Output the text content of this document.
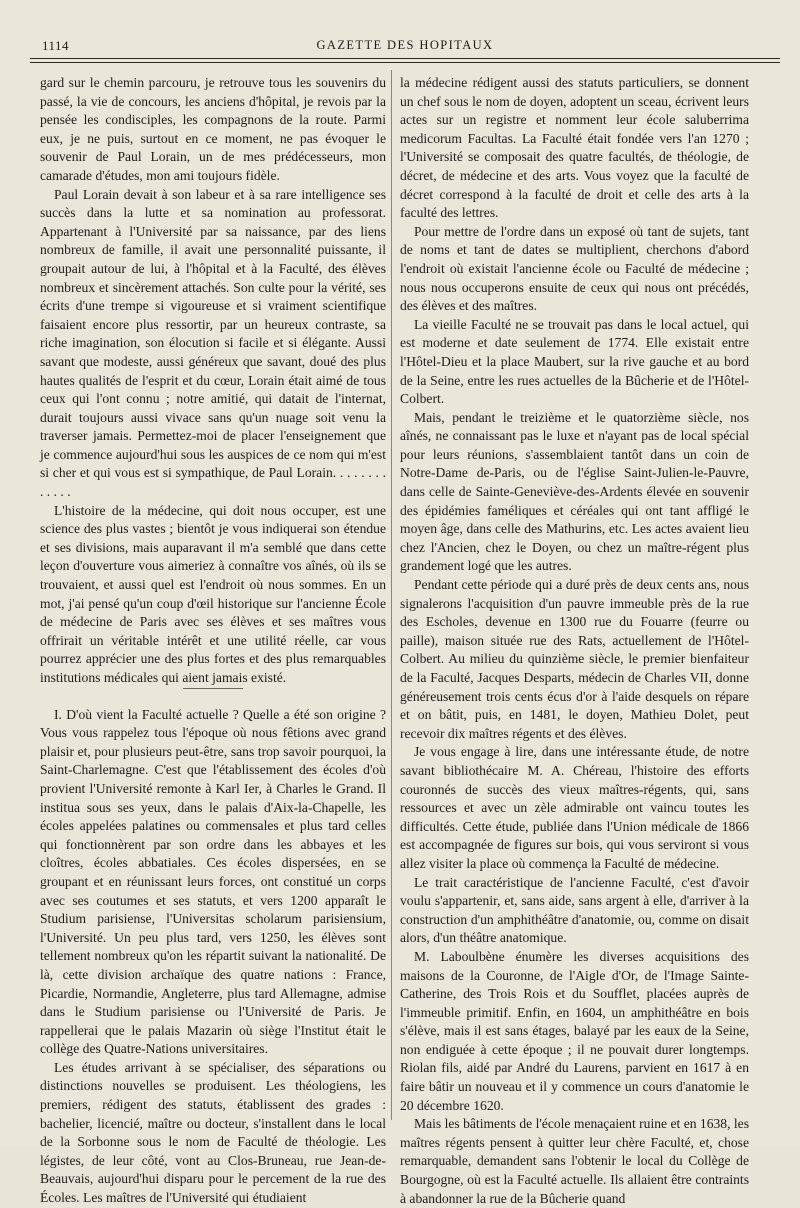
1114	GAZETTE DES HOPITAUX

gard sur le chemin parcouru, je retrouve tous les souvenirs du passé, la vie de concours, les anciens d'hôpital, je revois par la pensée les condisciples, les compagnons de la route. Parmi eux, je ne puis, surtout en ce moment, ne pas évoquer le souvenir de Paul Lorain, un de mes prédécesseurs, mon camarade d'études, mon ami toujours fidèle.

Paul Lorain devait à son labeur et à sa rare intelligence ses succès dans la lutte et sa nomination au professorat. Appartenant à l'Université par sa naissance, par des liens nombreux de famille, il avait une personnalité puissante, il groupait autour de lui, à l'hôpital et à la Faculté, des élèves nombreux et sincèrement attachés. Son culte pour la vérité, ses écrits d'une trempe si vigoureuse et si vraiment scientifique faisaient encore plus ressortir, par un heureux contraste, sa riche imagination, son élocution si facile et si élégante. Aussi savant que modeste, aussi généreux que savant, doué des plus hautes qualités de l'esprit et du cœur, Lorain était aimé de tous ceux qui l'ont connu ; notre amitié, qui datait de l'internat, durait toujours aussi vivace sans qu'un nuage soit venu la traverser jamais. Permettez-moi de placer l'enseignement que je commence aujourd'hui sous les auspices de ce nom qui m'est si cher et qui vous est si sympathique, de Paul Lorain. . . . . . . . . . . . .

L'histoire de la médecine, qui doit nous occuper, est une science des plus vastes ; bientôt je vous indiquerai son étendue et ses divisions, mais auparavant il m'a semblé que dans cette leçon d'ouverture vous aimeriez à connaître vos aînés, où ils se trouvaient, et aussi quel est l'endroit où nous sommes. En un mot, j'ai pensé qu'un coup d'œil historique sur l'ancienne École de médecine de Paris avec ses élèves et ses maîtres vous offrirait un véritable intérêt et une utilité réelle, car vous pourrez apprécier une des plus fortes et des plus remarquables institutions médicales qui aient jamais existé.

I. D'où vient la Faculté actuelle ? Quelle a été son origine ? Vous vous rappelez tous l'époque où nous fêtions avec grand plaisir et, pour plusieurs peut-être, sans trop savoir pourquoi, la Saint-Charlemagne. C'est que l'établissement des écoles d'où provient l'Université remonte à Karl Ier, à Charles le Grand. Il institua sous ses yeux, dans le palais d'Aix-la-Chapelle, les écoles appelées palatines ou commensales et plus tard celles qui fonctionnèrent par son ordre dans les abbayes et les cloîtres, écoles abbatiales. Ces écoles dispersées, en se groupant et en réunissant leurs forces, ont constitué un corps avec ses coutumes et ses statuts, et vers 1200 apparaît le Studium parisiense, l'Universitas scholarum parisiensium, l'Université. Un peu plus tard, vers 1250, les élèves sont tellement nombreux qu'on les répartit suivant la nationalité. De là, cette division archaïque des quatre nations : France, Picardie, Normandie, Angleterre, plus tard Allemagne, admise dans le Studium parisiense ou l'Université de Paris. Je rappellerai que le palais Mazarin où siège l'Institut était le collège des Quatre-Nations universitaires.

Les études arrivant à se spécialiser, des séparations ou distinctions nouvelles se produisent. Les théologiens, les premiers, rédigent des statuts, établissent des grades : bachelier, licencié, maître ou docteur, s'installent dans le local de la Sorbonne sous le nom de Faculté de théologie. Les légistes, de leur côté, vont au Clos-Bruneau, rue Jean-de-Beauvais, aujourd'hui disparu pour le percement de la rue des Écoles. Les maîtres de l'Université qui étudiaient

la médecine rédigent aussi des statuts particuliers, se donnent un chef sous le nom de doyen, adoptent un sceau, écrivent leurs actes sur un registre et nomment leur école saluberrima medicorum Facultas. La Faculté était fondée vers l'an 1270 ; l'Université se composait des quatre facultés, de théologie, de décret, de médecine et des arts. Vous voyez que la faculté de décret correspond à la faculté de droit et celle des arts à la faculté des lettres.

Pour mettre de l'ordre dans un exposé où tant de sujets, tant de noms et tant de dates se multiplient, cherchons d'abord l'endroit où existait l'ancienne école ou Faculté de médecine ; nous nous occuperons ensuite de ceux qui nous ont précédés, des élèves et des maîtres.

La vieille Faculté ne se trouvait pas dans le local actuel, qui est moderne et date seulement de 1774. Elle existait entre l'Hôtel-Dieu et la place Maubert, sur la rive gauche et au bord de la Seine, entre les rues actuelles de la Bûcherie et de l'Hôtel-Colbert.

Mais, pendant le treizième et le quatorzième siècle, nos aînés, ne connaissant pas le luxe et n'ayant pas de local spécial pour leurs réunions, s'assemblaient tantôt dans un coin de Notre-Dame de-Paris, ou de l'église Saint-Julien-le-Pauvre, dans celle de Sainte-Geneviève-des-Ardents élevée en souvenir des épidémies faméliques et céréales qui ont tant affligé le moyen âge, dans celle des Mathurins, etc. Les actes avaient lieu chez l'Ancien, chez le Doyen, ou chez un maître-régent plus grandement logé que les autres.

Pendant cette période qui a duré près de deux cents ans, nous signalerons l'acquisition d'un pauvre immeuble près de la rue des Escholes, devenue en 1300 rue du Fouarre (feurre ou paille), maison située rue des Rats, actuellement de l'Hôtel-Colbert. Au milieu du quinzième siècle, le premier bienfaiteur de la Faculté, Jacques Desparts, médecin de Charles VII, donne généreusement trois cents écus d'or à l'aide desquels on répare et on bâtit, puis, en 1481, le doyen, Mathieu Dolet, peut recevoir dix maîtres régents et des élèves.

Je vous engage à lire, dans une intéressante étude, de notre savant bibliothécaire M. A. Chéreau, l'histoire des efforts couronnés de succès des vieux maîtres-régents, qui, sans ressources et avec un zèle admirable ont vaincu toutes les difficultés. Cette étude, publiée dans l'Union médicale de 1866 est accompagnée de figures sur bois, qui vous serviront si vous allez visiter la place où commença la Faculté de médecine.

Le trait caractéristique de l'ancienne Faculté, c'est d'avoir voulu s'appartenir, et, sans aide, sans argent à elle, d'arriver à la construction d'un amphithéâtre d'anatomie, ou, comme on disait alors, d'un théâtre anatomique.

M. Laboulbène énumère les diverses acquisitions des maisons de la Couronne, de l'Aigle d'Or, de l'Image Sainte-Catherine, des Trois Rois et du Soufflet, placées auprès de l'immeuble primitif. Enfin, en 1604, un amphithéâtre en bois s'élève, mais il est sans étages, balayé par les eaux de la Seine, non endiguée à cette époque ; il ne pouvait durer longtemps. Riolan fils, aidé par André du Laurens, parvient en 1617 à en faire bâtir un nouveau et il y commence un cours d'anatomie le 20 décembre 1620.

Mais les bâtiments de l'école menaçaient ruine et en 1638, les maîtres régents pensent à quitter leur chère Faculté, et, chose remarquable, demandent sans l'obtenir le local du Collège de Bourgogne, où est la Faculté actuelle. Ils allaient être contraints à abandonner la rue de la Bûcherie quand
